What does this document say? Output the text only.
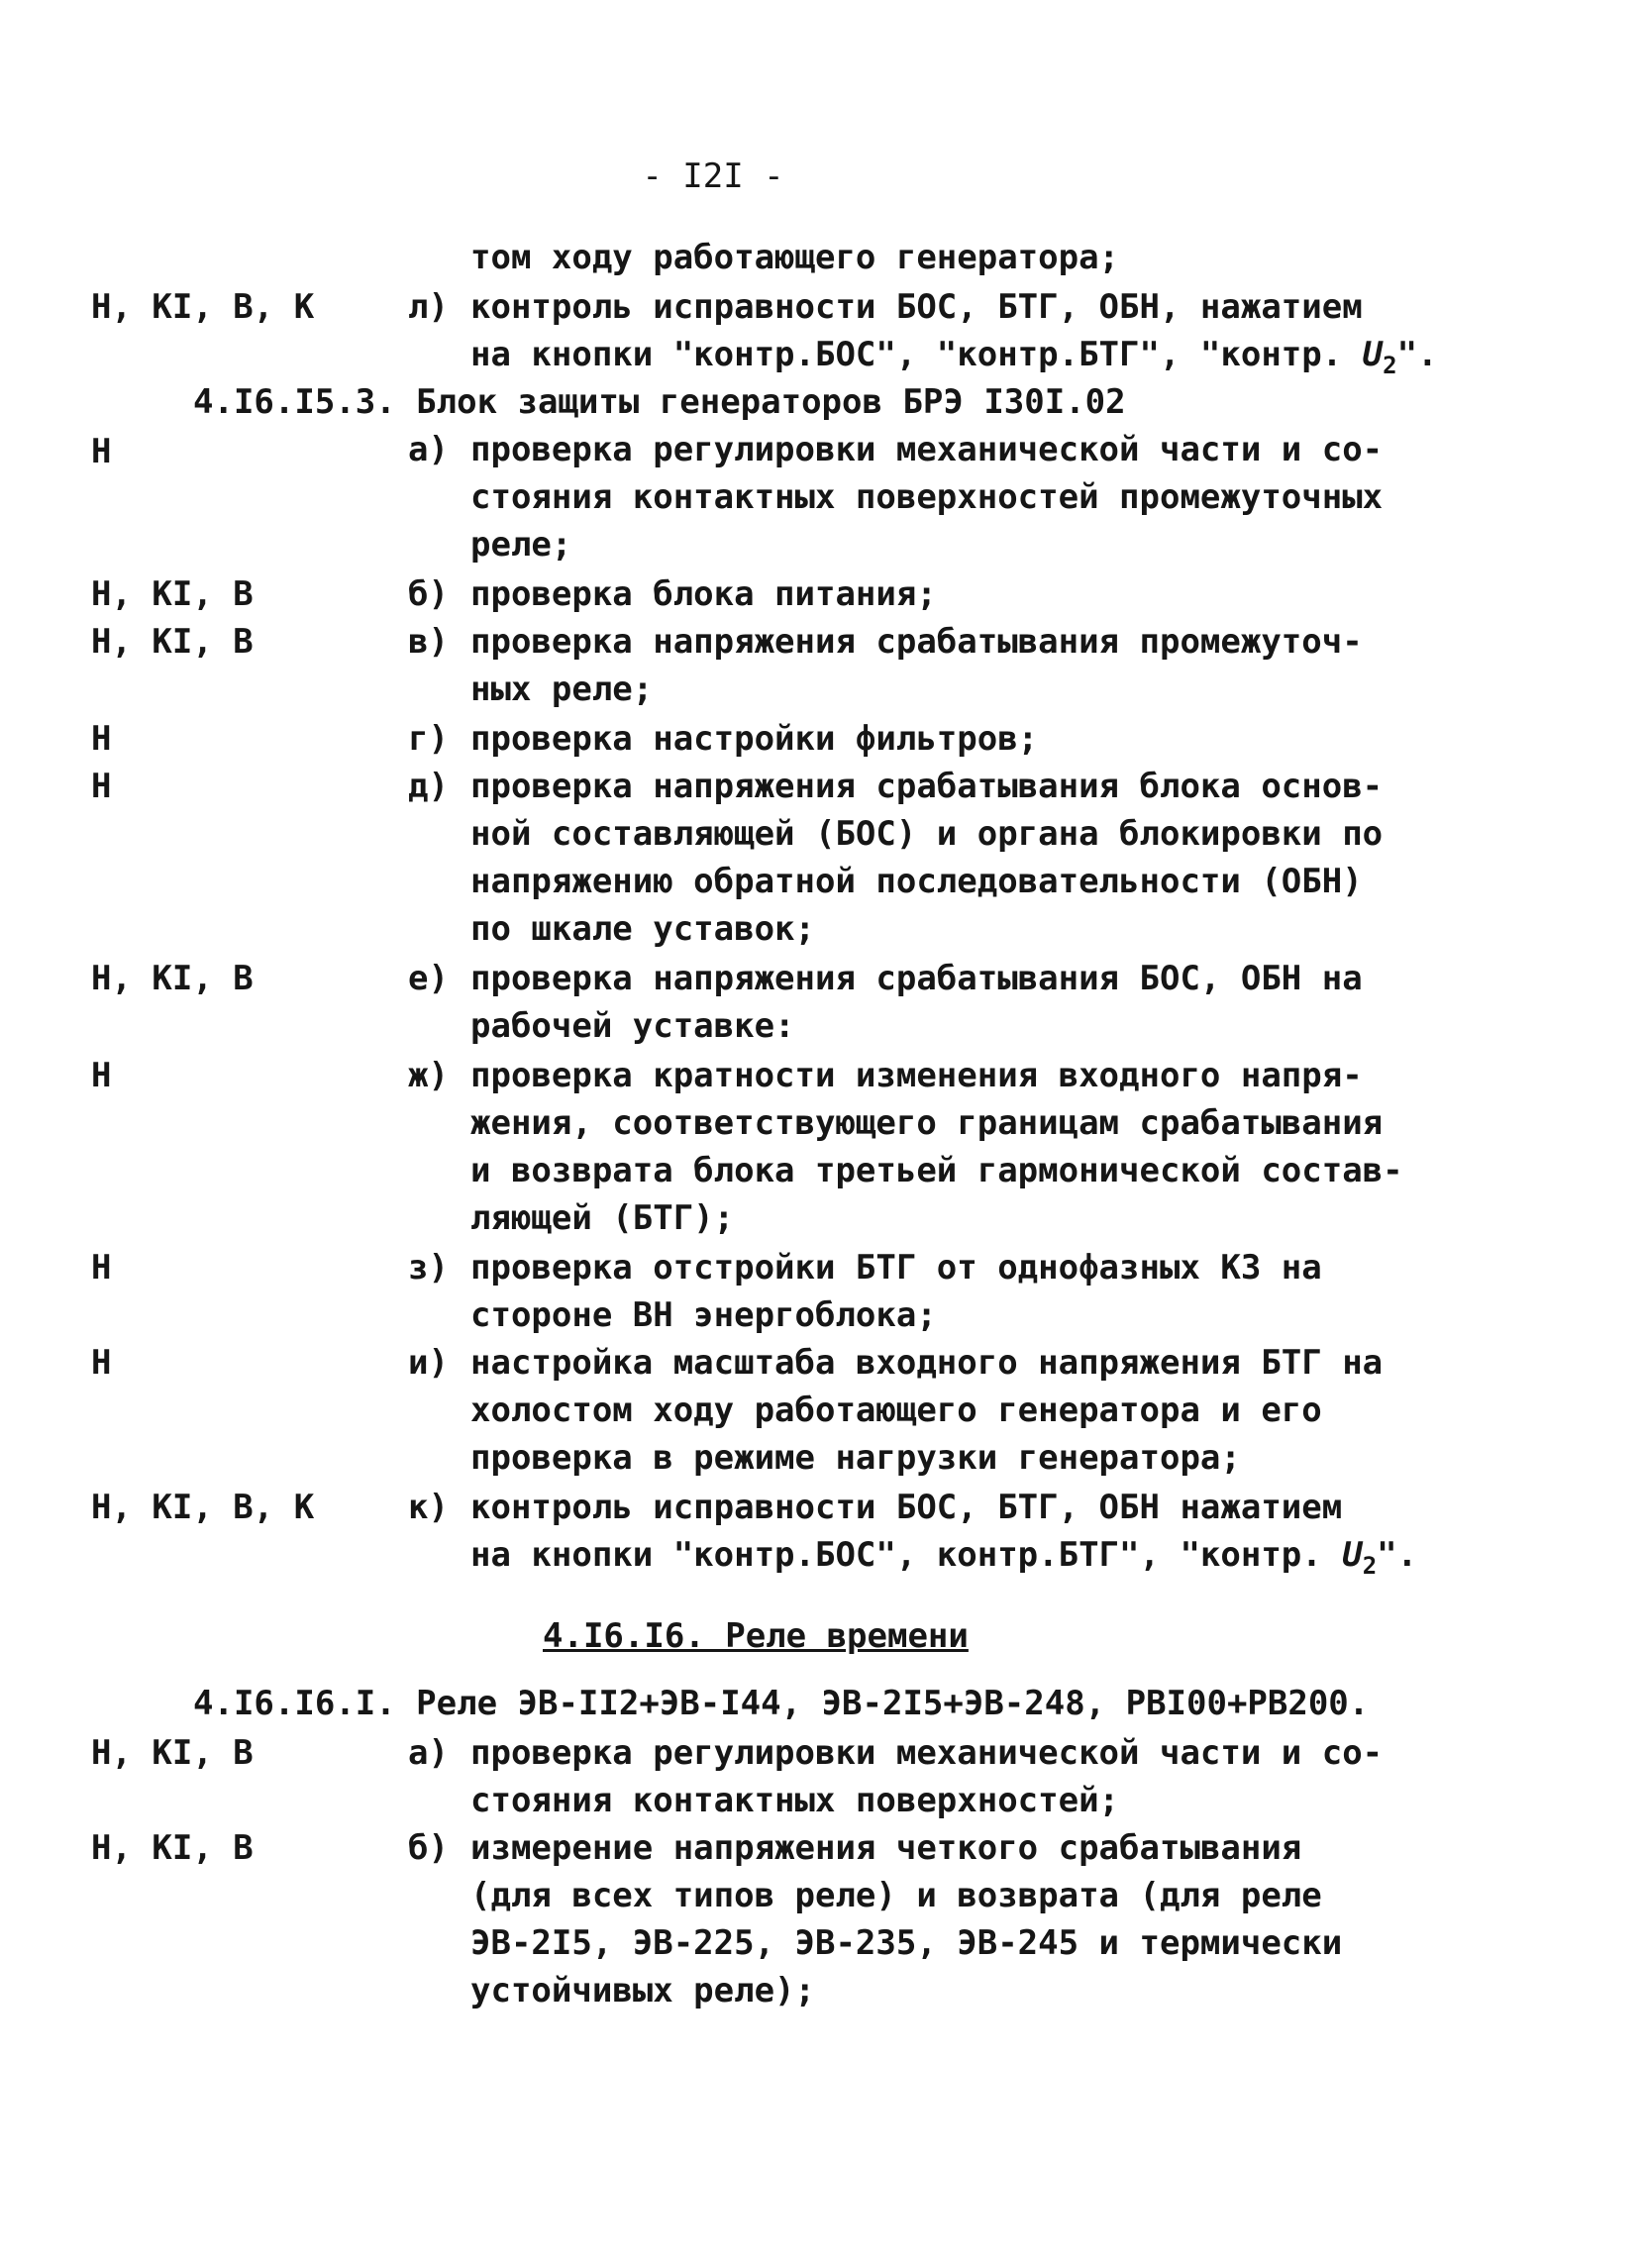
- I2I -
том ходу работающего генератора;
Н, КI, В, К	л) контроль исправности БОС, БТГ, ОБН, нажатием
на кнопки "контр.БОС", "контр.БТГ", "контр. $U_2$".
4.I6.I5.3. Блок защиты генераторов БРЭ I30I.02
Н	а) проверка регулировки механической части и со-
стояния контактных поверхностей промежуточных
реле;
Н, КI, В	б) проверка блока питания;
Н, КI, В	в) проверка напряжения срабатывания промежуточ-
ных реле;
Н	г) проверка настройки фильтров;
Н	д) проверка напряжения срабатывания блока основ-
ной составляющей (БОС) и органа блокировки по
напряжению обратной последовательности (ОБН)
по шкале уставок;
Н, КI, В	е) проверка напряжения срабатывания БОС, ОБН на
рабочей уставке:
Н	ж) проверка кратности изменения входного напря-
жения, соответствующего границам срабатывания
и возврата блока третьей гармонической состав-
ляющей (БТГ);
Н	з) проверка отстройки БТГ от однофазных КЗ на
стороне ВН энергоблока;
Н	и) настройка масштаба входного напряжения БТГ на
холостом ходу работающего генератора и его
проверка в режиме нагрузки генератора;
Н, КI, В, К	к) контроль исправности БОС, БТГ, ОБН нажатием
на кнопки "контр.БОС", контр.БТГ", "контр. $U_2$".
4.I6.I6. Реле времени
4.I6.I6.I. Реле ЭВ-II2+ЭВ-I44, ЭВ-2I5+ЭВ-248, РВI00+РВ200.
Н, КI, В	а) проверка регулировки механической части и со-
стояния контактных поверхностей;
Н, КI, В	б) измерение напряжения четкого срабатывания
(для всех типов реле) и возврата (для реле
ЭВ-2I5, ЭВ-225, ЭВ-235, ЭВ-245 и термически
устойчивых реле);
